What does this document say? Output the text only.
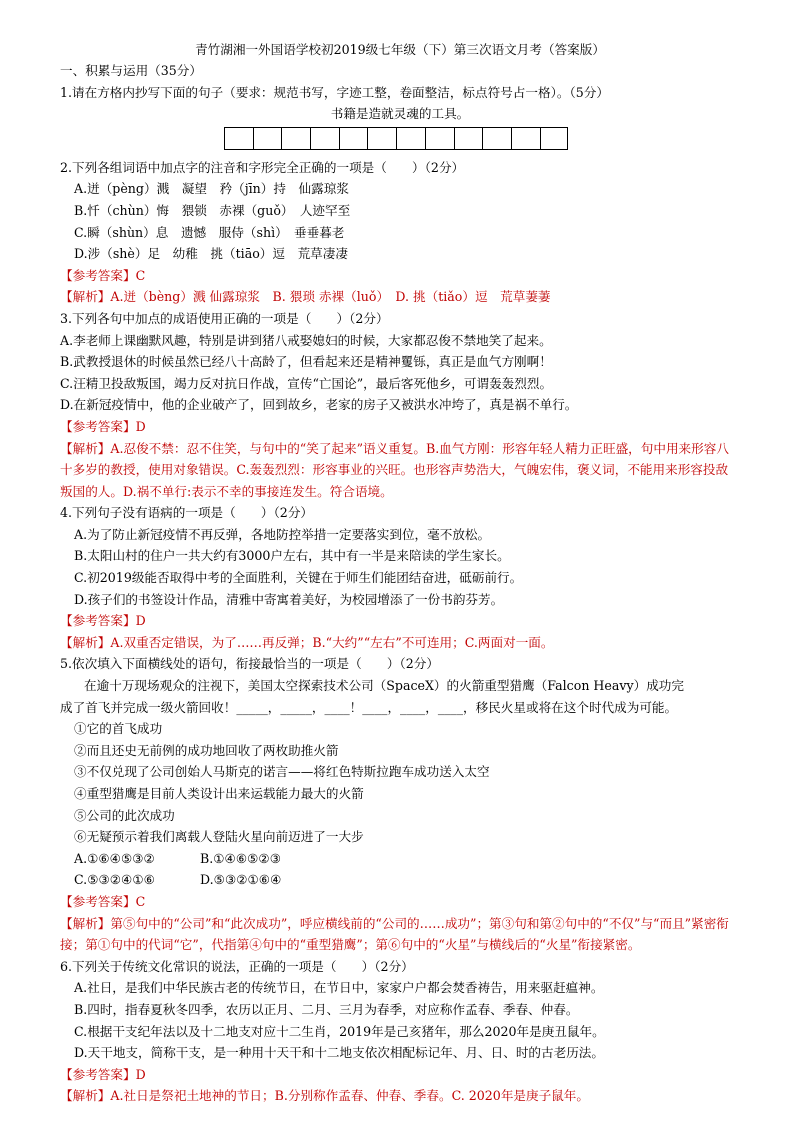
青竹湖湘一外国语学校初2019级七年级（下）第三次语文月考（答案版）
一、积累与运用（35分）
1.请在方格内抄写下面的句子（要求：规范书写，字迹工整，卷面整洁，标点符号占一格）。（5分）
书籍是造就灵魂的工具。
2.下列各组词语中加点字的注音和字形完全正确的一项是（　　）（2分）
A.迸（pèng）溅　凝望　矜（jīn）持　仙露琼浆
B.忏（chùn）悔　猥锁　赤裸（guǒ）　人迹罕至
C.瞬（shùn）息　遗憾　服侍（shì）　垂垂暮老
D.涉（shè）足　幼稚　挑（tiāo）逗　荒草凄凄
【参考答案】C
【解析】A.迸（bèng）溅 仙露琼浆　B. 猥琐 赤裸（luǒ）　D. 挑（tiǎo）逗　荒草萋萋
3.下列各句中加点的成语使用正确的一项是（　　）（2分）
A.李老师上课幽默风趣，特别是讲到猪八戒娶媳妇的时候，大家都忍俊不禁地笑了起来。
B.武教授退休的时候虽然已经八十高龄了，但看起来还是精神矍铄，真正是血气方刚啊！
C.汪精卫投敌叛国，竭力反对抗日作战，宣传“亡国论”，最后客死他乡，可谓轰轰烈烈。
D.在新冠疫情中，他的企业破产了，回到故乡，老家的房子又被洪水冲垮了，真是祸不单行。
【参考答案】D
【解析】A.忍俊不禁：忍不住笑，与句中的“笑了起来”语义重复。B.血气方刚：形容年轻人精力正旺盛，句中用来形容八十多岁的教授，使用对象错误。C.轰轰烈烈：形容事业的兴旺。也形容声势浩大，气魄宏伟，褒义词，不能用来形容投敌叛国的人。D.祸不单行:表示不幸的事接连发生。符合语境。
4.下列句子没有语病的一项是（　　）（2分）
A.为了防止新冠疫情不再反弹，各地防控举措一定要落实到位，毫不放松。
B.太阳山村的住户一共大约有3000户左右，其中有一半是来陪读的学生家长。
C.初2019级能否取得中考的全面胜利，关键在于师生们能团结奋进，砥砺前行。
D.孩子们的书签设计作品，清雅中寄寓着美好，为校园增添了一份书韵芬芳。
【参考答案】D
【解析】A.双重否定错误，为了……再反弹；B.“大约”“左右”不可连用；C.两面对一面。
5.依次填入下面横线处的语句，衔接最恰当的一项是（　　）（2分）
在逾十万现场观众的注视下，美国太空探索技术公司（SpaceX）的火箭重型猎鹰（Falcon Heavy）成功完
成了首飞并完成一级火箭回收！_____，_____，____！____，____，____，移民火星或将在这个时代成为可能。
①它的首飞成功
②而且还史无前例的成功地回收了两枚助推火箭
③不仅兑现了公司创始人马斯克的诺言——将红色特斯拉跑车成功送入太空
④重型猎鹰是目前人类设计出来运载能力最大的火箭
⑤公司的此次成功
⑥无疑预示着我们离载人登陆火星向前迈进了一大步
A.①⑥④⑤③②	B.①④⑥⑤②③
C.⑤③②④①⑥	D.⑤③②①⑥④
【参考答案】C
【解析】第⑤句中的“公司”和“此次成功”，呼应横线前的“公司的……成功”；第③句和第②句中的“不仅”与“而且”紧密衔接；第①句中的代词“它”，代指第④句中的“重型猎鹰”；第⑥句中的“火星”与横线后的“火星”衔接紧密。
6.下列关于传统文化常识的说法，正确的一项是（　　）（2分）
A.社日，是我们中华民族古老的传统节日，在节日中，家家户户都会焚香祷告，用来驱赶瘟神。
B.四时，指春夏秋冬四季，农历以正月、二月、三月为春季，对应称作孟春、季春、仲春。
C.根据干支纪年法以及十二地支对应十二生肖，2019年是己亥猪年，那么2020年是庚丑鼠年。
D.天干地支，简称干支，是一种用十天干和十二地支依次相配标记年、月、日、时的古老历法。
【参考答案】D
【解析】A.社日是祭祀土地神的节日；B.分别称作孟春、仲春、季春。C. 2020年是庚子鼠年。
